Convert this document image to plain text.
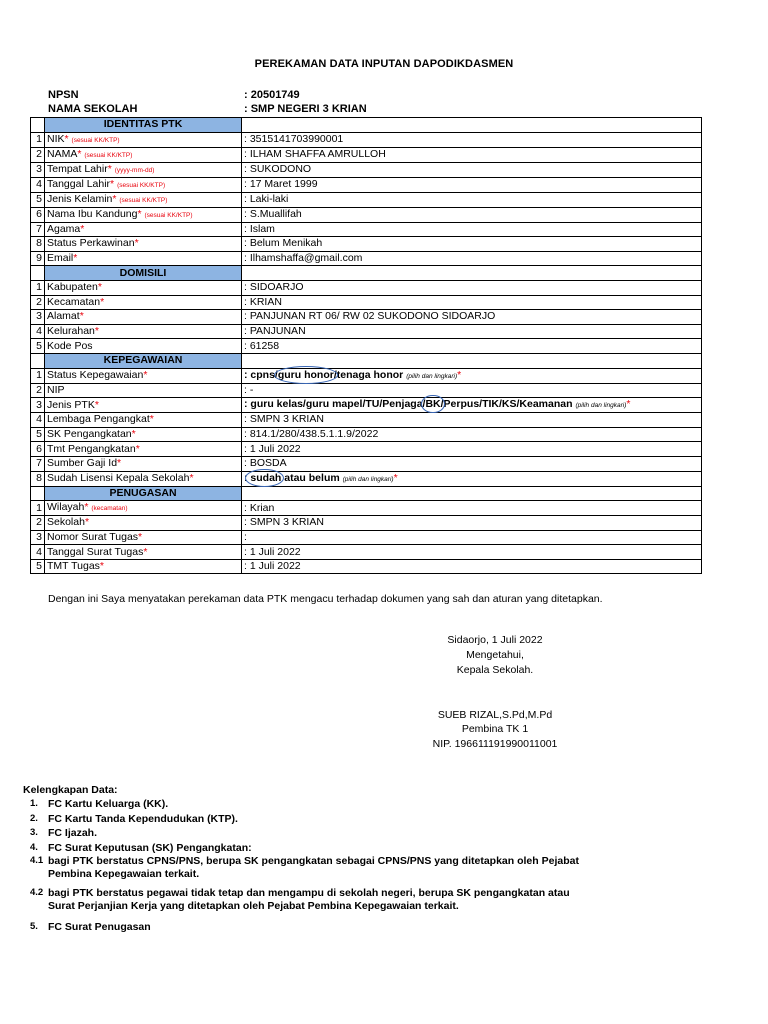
PEREKAMAN DATA INPUTAN DAPODIKDASMEN
NPSN	: 20501749
NAMA SEKOLAH	: SMP NEGERI 3 KRIAN
	IDENTITAS PTK	
1	NIK* (sesuai KK/KTP)	: 3515141703990001
2	NAMA* (sesuai KK/KTP)	: ILHAM SHAFFA AMRULLOH
3	Tempat Lahir* (yyyy-mm-dd)	: SUKODONO
4	Tanggal Lahir* (sesuai KK/KTP)	: 17 Maret 1999
5	Jenis Kelamin* (sesuai KK/KTP)	: Laki-laki
6	Nama Ibu Kandung* (sesuai KK/KTP)	: S.Muallifah
7	Agama*	: Islam
8	Status Perkawinan*	: Belum Menikah
9	Email*	: Ilhamshaffa@gmail.com
	DOMISILI	
1	Kabupaten*	: SIDOARJO
2	Kecamatan*	: KRIAN
3	Alamat*	: PANJUNAN RT 06/ RW 02 SUKODONO SIDOARJO
4	Kelurahan*	: PANJUNAN
5	Kode Pos	: 61258
	KEPEGAWAIAN	
1	Status Kepegawaian*	: cpns/guru honor
/tenaga honor (pilih dan lingkari)*
2	NIP	: -
3	Jenis PTK*	: guru kelas/guru mapel/TU/Penjaga/BK
/Perpus/TIK/KS/Keamanan (pilih dan lingkari)*
4	Lembaga Pengangkat*	: SMPN 3 KRIAN
5	SK Pengangkatan*	: 814.1/280/438.5.1.1.9/2022
6	Tmt Pengangkatan*	: 1 Juli 2022
7	Sumber Gaji Id*	: BOSDA
8	Sudah Lisensi Kepala Sekolah*	: sudah
atau belum (pilih dan lingkari)*
	PENUGASAN	
1	Wilayah* (kecamatan)	: Krian
2	Sekolah*	: SMPN 3 KRIAN
3	Nomor Surat Tugas*	:
4	Tanggal Surat Tugas*	: 1 Juli 2022
5	TMT Tugas*	: 1 Juli 2022
Dengan ini Saya menyatakan perekaman data PTK mengacu terhadap dokumen yang sah dan aturan yang ditetapkan.
Sidaorjo, 1 Juli 2022
Mengetahui,
Kepala Sekolah.
SUEB RIZAL,S.Pd,M.Pd
Pembina TK 1
NIP. 196611191990011001
Kelengkapan Data:
1. FC Kartu Keluarga (KK).
2. FC Kartu Tanda Kependudukan (KTP).
3. FC Ijazah.
4. FC Surat Keputusan (SK) Pengangkatan:
4.1 bagi PTK berstatus CPNS/PNS, berupa SK pengangkatan sebagai CPNS/PNS yang ditetapkan oleh Pejabat
Pembina Kepegawaian terkait.
4.2 bagi PTK berstatus pegawai tidak tetap dan mengampu di sekolah negeri, berupa SK pengangkatan atau
Surat Perjanjian Kerja yang ditetapkan oleh Pejabat Pembina Kepegawaian terkait.
5. FC Surat Penugasan
